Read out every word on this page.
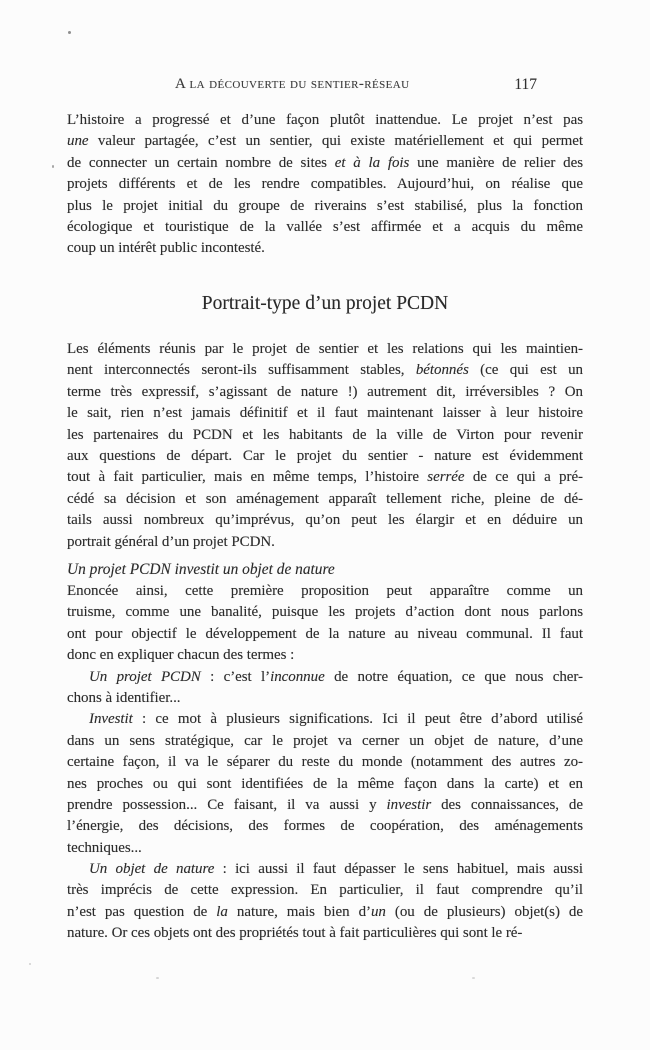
A la découverte du sentier-réseau	117
L’histoire a progressé et d’une façon plutôt inattendue. Le projet n’est pas
une valeur partagée, c’est un sentier, qui existe matériellement et qui permet
de connecter un certain nombre de sites et à la fois une manière de relier des
projets différents et de les rendre compatibles. Aujourd’hui, on réalise que
plus le projet initial du groupe de riverains s’est stabilisé, plus la fonction
écologique et touristique de la vallée s’est affirmée et a acquis du même
coup un intérêt public incontesté.
Portrait-type d’un projet PCDN
Les éléments réunis par le projet de sentier et les relations qui les maintien-
nent interconnectés seront-ils suffisamment stables, bétonnés (ce qui est un
terme très expressif, s’agissant de nature !) autrement dit, irréversibles ? On
le sait, rien n’est jamais définitif et il faut maintenant laisser à leur histoire
les partenaires du PCDN et les habitants de la ville de Virton pour revenir
aux questions de départ. Car le projet du sentier - nature est évidemment
tout à fait particulier, mais en même temps, l’histoire serrée de ce qui a pré-
cédé sa décision et son aménagement apparaît tellement riche, pleine de dé-
tails aussi nombreux qu’imprévus, qu’on peut les élargir et en déduire un
portrait général d’un projet PCDN.
Un projet PCDN investit un objet de nature
Enoncée ainsi, cette première proposition peut apparaître comme un
truisme, comme une banalité, puisque les projets d’action dont nous parlons
ont pour objectif le développement de la nature au niveau communal. Il faut
donc en expliquer chacun des termes :
Un projet PCDN : c’est l’inconnue de notre équation, ce que nous cher-
chons à identifier...
Investit : ce mot à plusieurs significations. Ici il peut être d’abord utilisé
dans un sens stratégique, car le projet va cerner un objet de nature, d’une
certaine façon, il va le séparer du reste du monde (notamment des autres zo-
nes proches ou qui sont identifiées de la même façon dans la carte) et en
prendre possession... Ce faisant, il va aussi y investir des connaissances, de
l’énergie, des décisions, des formes de coopération, des aménagements
techniques...
Un objet de nature : ici aussi il faut dépasser le sens habituel, mais aussi
très imprécis de cette expression. En particulier, il faut comprendre qu’il
n’est pas question de la nature, mais bien d’un (ou de plusieurs) objet(s) de
nature. Or ces objets ont des propriétés tout à fait particulières qui sont le ré-
